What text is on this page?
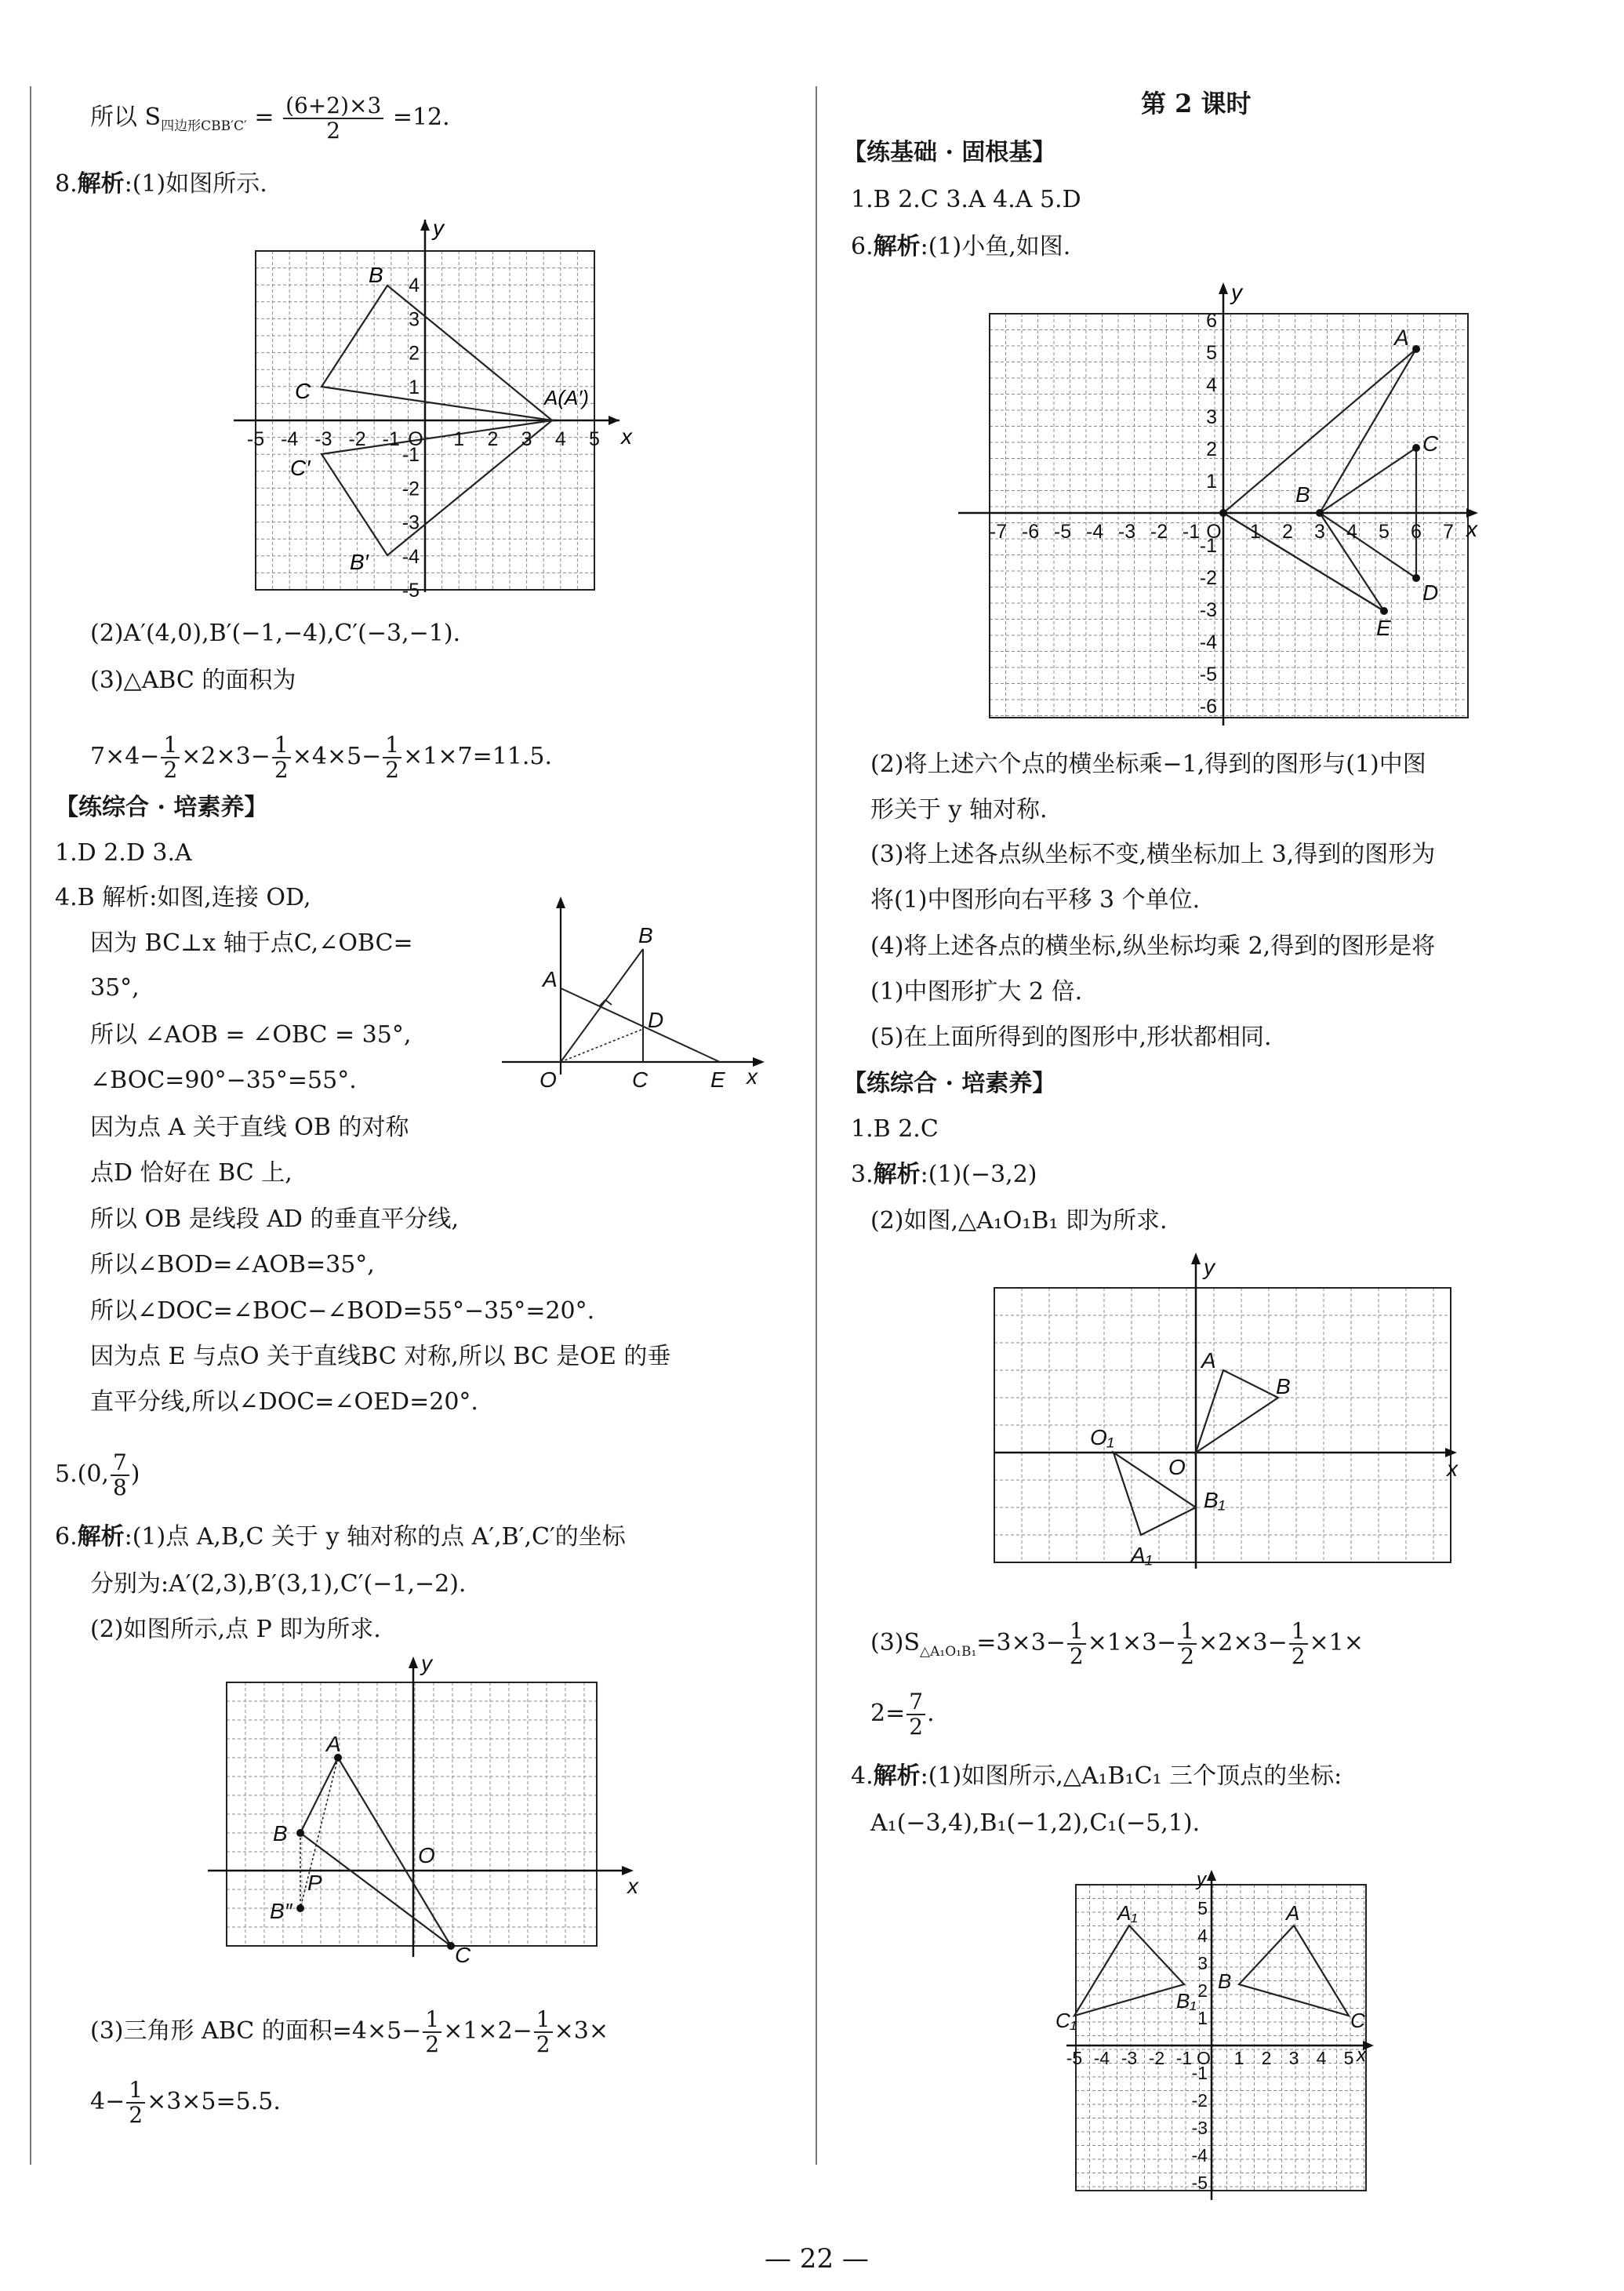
所以 $S_{四边形CBB'C'} = \frac{(6+2)\times 3}{2} =12$.
8.解析:(1)如图所示.
-5 -4 -3 -2 -1 O 1 2 3 4 5
4
3
2
1
-1
-2
-3
-4
-5
x
y
B
C	A(A′)
C′
B′
(2)A′(4,0),B′(−1,−4),C′(−3,−1).
(3)△ABC 的面积为
$7\times 4- \frac{1}{2} \times 2\times 3- \frac{1}{2} \times 4\times 5- \frac{1}{2} \times 1\times 7=11.5$.
【练综合 · 培素养】
1.D 2.D 3.A
4.B 解析:如图,连接 OD,
因为 BC⊥x 轴于点C,∠OBC=
35°,
所以 ∠AOB = ∠OBC = 35°,
∠BOC=90°−35°=55°.
A
B
D
O	C	E x
因为点 A 关于直线 OB 的对称
点D 恰好在 BC 上,
所以 OB 是线段 AD 的垂直平分线,
所以∠BOD=∠AOB=35°,
所以∠DOC=∠BOC−∠BOD=55°−35°=20°.
因为点 E 与点O 关于直线BC 对称,所以 BC 是OE 的垂
直平分线,所以∠DOC=∠OED=20°.
5.(0, $\frac{7}{8}$ )
6.解析:(1)点 A,B,C 关于 y 轴对称的点 A′,B′,C′的坐标
分别为:A′(2,3),B′(3,1),C′(−1,−2).
(2)如图所示,点 P 即为所求.
A
B
O
P
B″
C
x
y
(3)三角形 ABC 的面积$=4\times 5- \frac{1}{2} \times 1\times 2- \frac{1}{2} \times 3\times$
$4- \frac{1}{2} \times 3\times 5=5.5$.
第 2 课时
【练基础 · 固根基】
1.B 2.C 3.A 4.A 5.D
6.解析:(1)小鱼,如图.
-7 -6 -5 -4 -3 -2 -1 O 1 2 3 4 5 6 7
6
5
4
3
2
1
-1
-2
-3
-4
-5
-6
x
y
A
B
C
D
E
(2)将上述六个点的横坐标乘−1,得到的图形与(1)中图
形关于 y 轴对称.
(3)将上述各点纵坐标不变,横坐标加上 3,得到的图形为
将(1)中图形向右平移 3 个单位.
(4)将上述各点的横坐标,纵坐标均乘 2,得到的图形是将
(1)中图形扩大 2 倍.
(5)在上面所得到的图形中,形状都相同.
【练综合 · 培素养】
1.B 2.C
3.解析:(1)(−3,2)
(2)如图,△A₁O₁B₁ 即为所求.
A
B
O₁
O
B₁
A₁
x
y
$(3)S_{\triangle A_1O_1B_1}=3\times 3- \frac{1}{2} \times 1\times 3- \frac{1}{2} \times 2\times 3- \frac{1}{2} \times 1\times$
$2= \frac{7}{2}$ .
4.解析:(1)如图所示,△A₁B₁C₁ 三个顶点的坐标:
A₁(−3,4),B₁(−1,2),C₁(−5,1).
-5 -4 -3 -2 -1 O 1 2 3 4 5
5
4
3
2
1
-1
-2
-3
-4
-5
x
y
A₁	A
B
B₁
C₁	C
— 22 —
